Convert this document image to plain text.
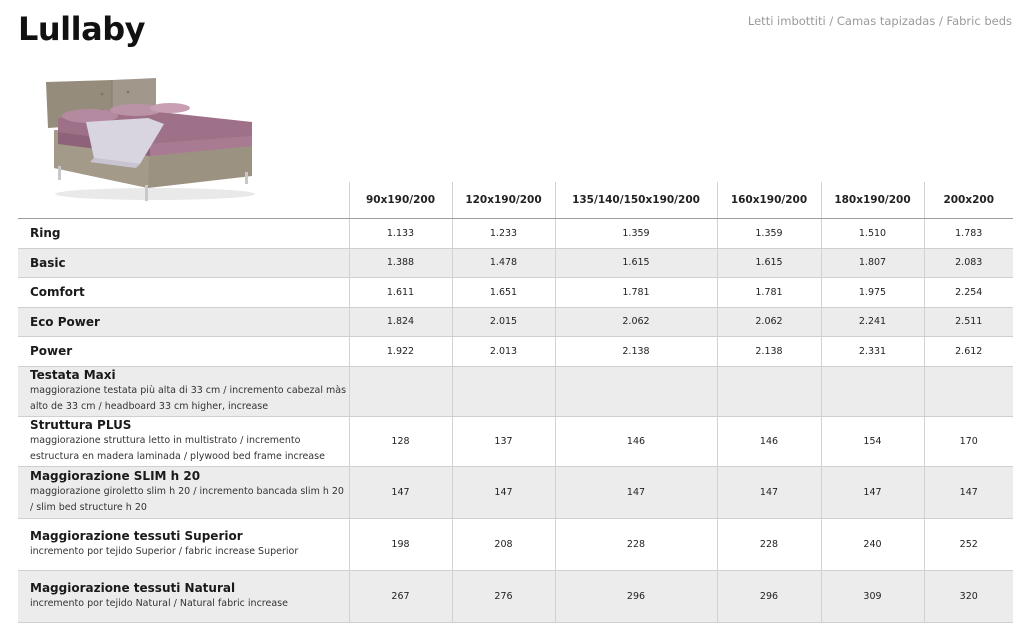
Lullaby	Letti imbottiti / Camas tapizadas / Fabric beds
	90x190/200	120x190/200	135/140/150x190/200	160x190/200	180x190/200	200x200

Ring	1.133	1.233	1.359	1.359	1.510	1.783

Basic	1.388	1.478	1.615	1.615	1.807	2.083

Comfort	1.611	1.651	1.781	1.781	1.975	2.254

Eco Power	1.824	2.015	2.062	2.062	2.241	2.511

Power	1.922	2.013	2.138	2.138	2.331	2.612

Testata Maxi
maggiorazione testata più alta di 33 cm / incremento cabezal màs alto de 33 cm / headboard 33 cm higher, increase						

Struttura PLUS
maggiorazione struttura letto in multistrato / incremento estructura en madera laminada / plywood bed frame increase	128	137	146	146	154	170

Maggiorazione SLIM h 20
maggiorazione giroletto slim h 20 / incremento bancada slim h 20 / slim bed structure h 20	147	147	147	147	147	147

Maggiorazione tessuti Superior
incremento por tejido Superior / fabric increase Superior	198	208	228	228	240	252

Maggiorazione tessuti Natural
incremento por tejido Natural / Natural fabric increase	267	276	296	296	309	320
